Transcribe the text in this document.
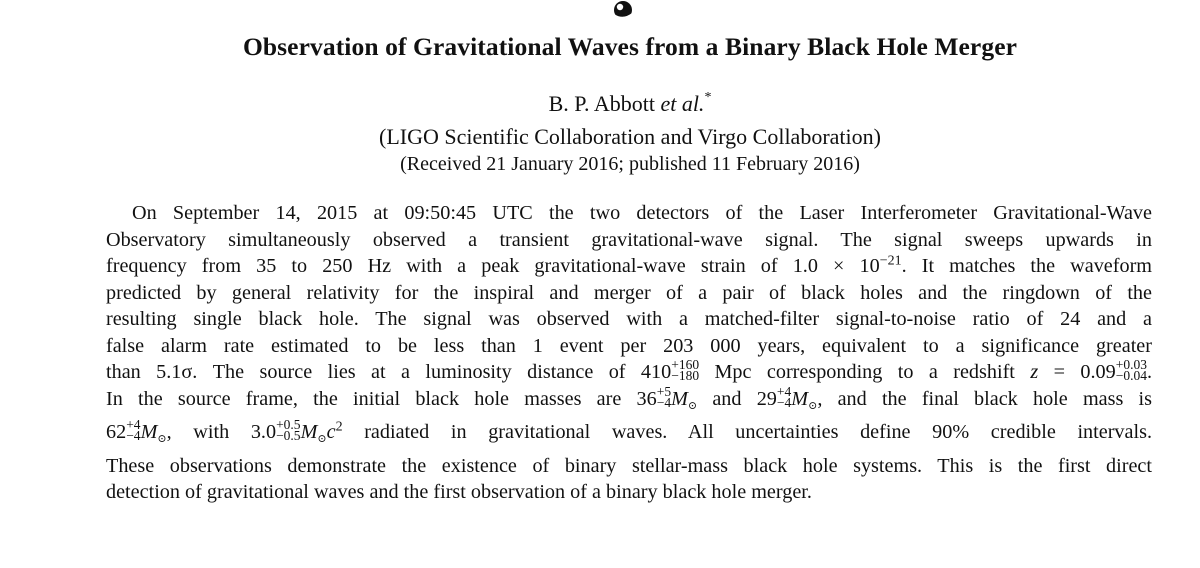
Observation of Gravitational Waves from a Binary Black Hole Merger
B. P. Abbott et al.*
(LIGO Scientific Collaboration and Virgo Collaboration)
(Received 21 January 2016; published 11 February 2016)
On September 14, 2015 at 09:50:45 UTC the two detectors of the Laser Interferometer Gravitational-Wave
Observatory simultaneously observed a transient gravitational-wave signal. The signal sweeps upwards in
frequency from 35 to 250 Hz with a peak gravitational-wave strain of $1.0 \times 10^{-21}$. It matches the waveform
predicted by general relativity for the inspiral and merger of a pair of black holes and the ringdown of the
resulting single black hole. The signal was observed with a matched-filter signal-to-noise ratio of 24 and a
false alarm rate estimated to be less than 1 event per 203 000 years, equivalent to a significance greater
than 5.1σ. The source lies at a luminosity distance of 410 +160
−180 Mpc corresponding to a redshift z = 0.09 +0.03
−0.04 .
In the source frame, the initial black hole masses are 36 +5
−4 M⊙ and 29 +4
−4 M⊙, and the final black hole mass is
62 +4
−4 M⊙, with 3.0 +0.5
−0.5 $M⊙c^2$ radiated in gravitational waves. All uncertainties define 90% credible intervals.
These observations demonstrate the existence of binary stellar-mass black hole systems. This is the first direct
detection of gravitational waves and the first observation of a binary black hole merger.
